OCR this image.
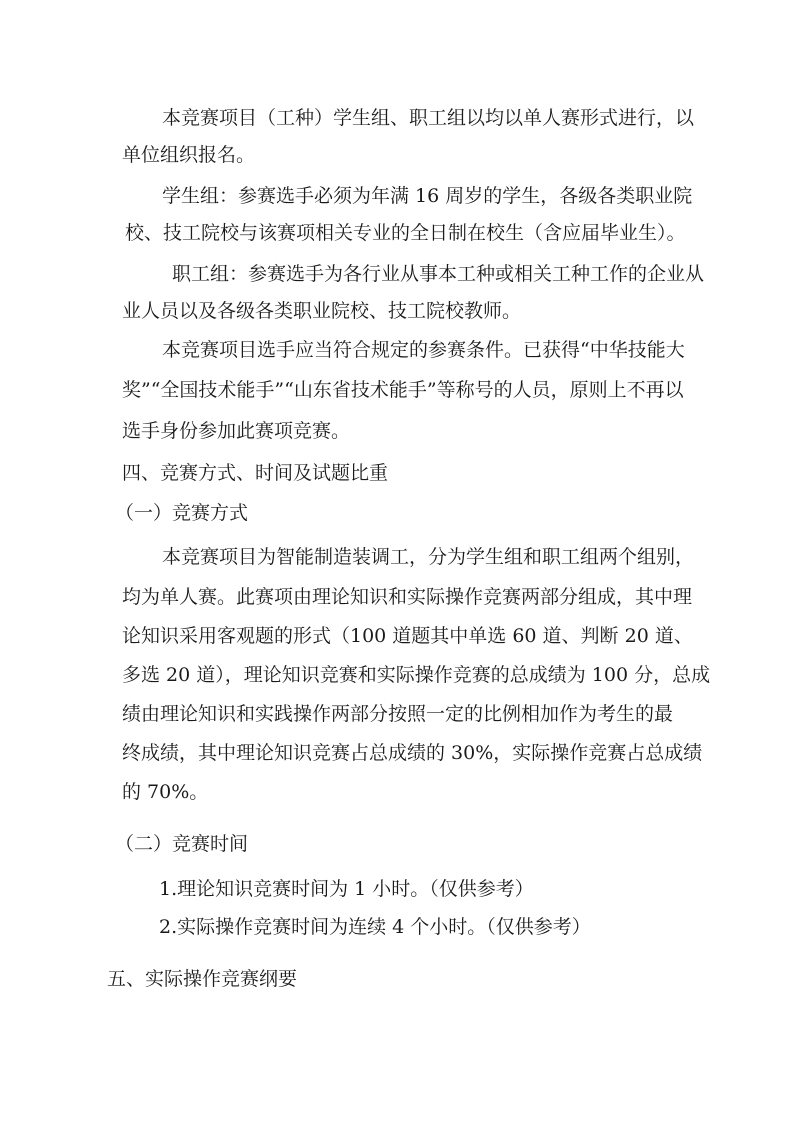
本竞赛项目（工种）学生组、职工组以均以单人赛形式进行，以

单位组织报名。

学生组：参赛选手必须为年满 16 周岁的学生，各级各类职业院

校、技工院校与该赛项相关专业的全日制在校生（含应届毕业生）。

职工组：参赛选手为各行业从事本工种或相关工种工作的企业从

业人员以及各级各类职业院校、技工院校教师。

本竞赛项目选手应当符合规定的参赛条件。已获得“中华技能大

奖”“全国技术能手”“山东省技术能手”等称号的人员，原则上不再以

选手身份参加此赛项竞赛。

四、竞赛方式、时间及试题比重

（一）竞赛方式

本竞赛项目为智能制造装调工，分为学生组和职工组两个组别，

均为单人赛。此赛项由理论知识和实际操作竞赛两部分组成，其中理

论知识采用客观题的形式（100 道题其中单选 60 道、判断 20 道、

多选 20 道），理论知识竞赛和实际操作竞赛的总成绩为 100 分，总成

绩由理论知识和实践操作两部分按照一定的比例相加作为考生的最

终成绩，其中理论知识竞赛占总成绩的 30%，实际操作竞赛占总成绩

的 70%。

（二）竞赛时间

1.理论知识竞赛时间为 1 小时。（仅供参考）

2.实际操作竞赛时间为连续 4 个小时。（仅供参考）

五、实际操作竞赛纲要
